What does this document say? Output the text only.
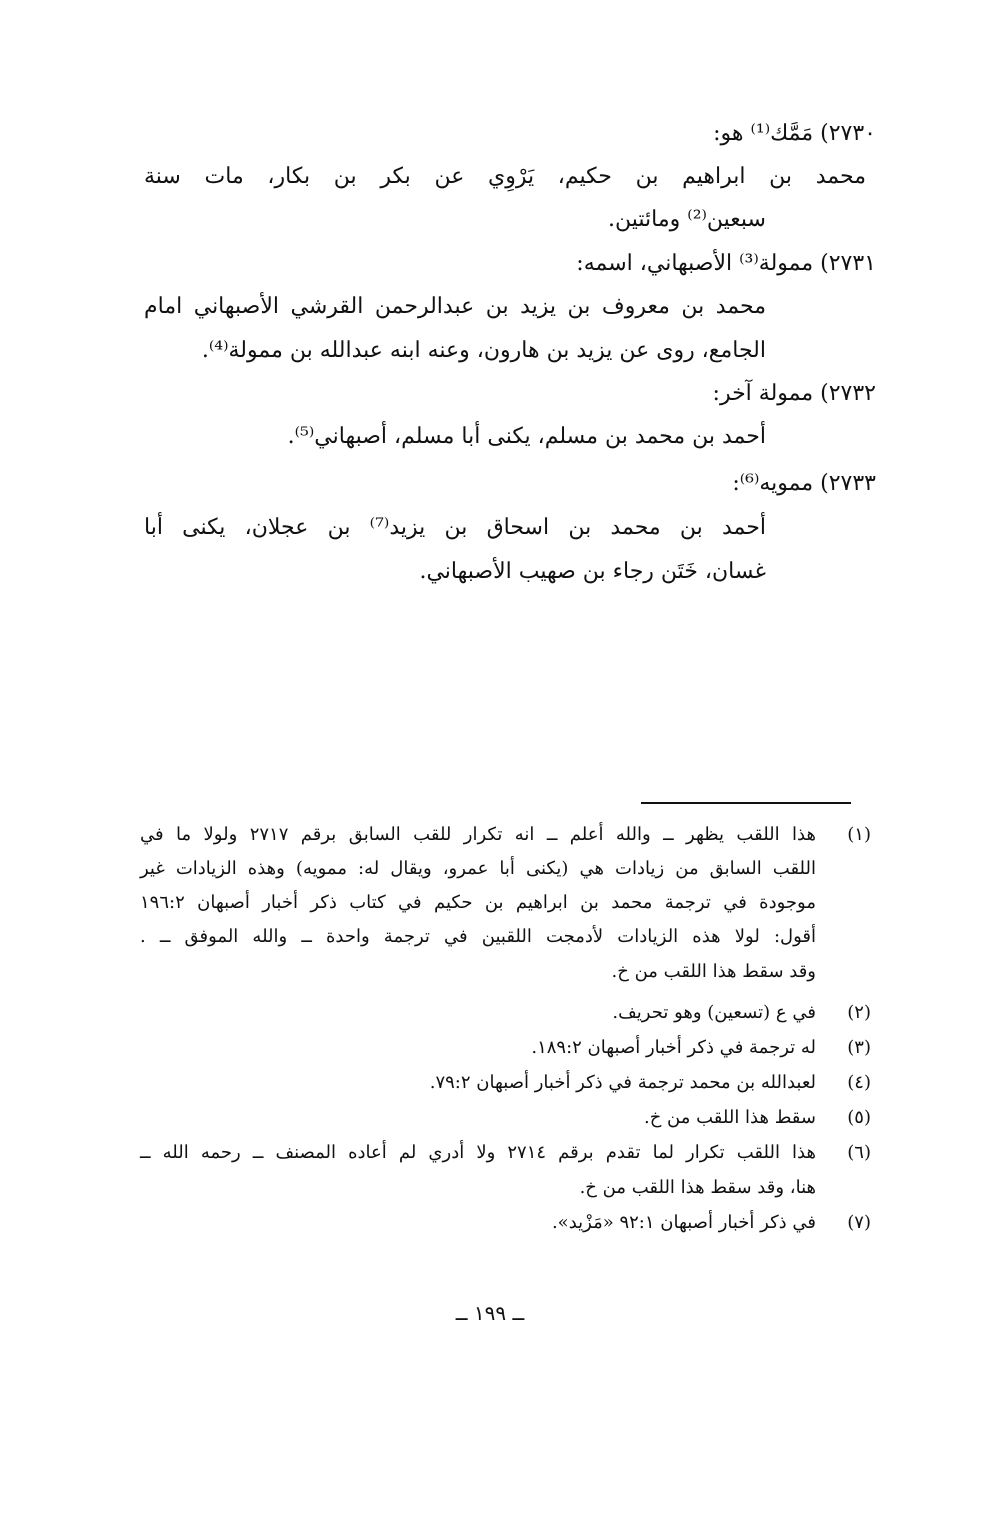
٢٧٣٠) مَمَّك⁽¹⁾ هو:
محمد بن ابراهيم بن حكيم، يَرْوِي عن بكر بن بكار، مات سنة
سبعين⁽²⁾ ومائتين.
٢٧٣١) ممولة⁽³⁾ الأصبهاني، اسمه:
محمد بن معروف بن يزيد بن عبدالرحمن القرشي الأصبهاني امام
الجامع، روى عن يزيد بن هارون، وعنه ابنه عبدالله بن ممولة⁽⁴⁾.
٢٧٣٢) ممولة آخر:
أحمد بن محمد بن مسلم، يكنى أبا مسلم، أصبهاني⁽⁵⁾.
٢٧٣٣) ممويه⁽⁶⁾:
أحمد بن محمد بن اسحاق بن يزيد⁽⁷⁾ بن عجلان، يكنى أبا
غسان، خَتَن رجاء بن صهيب الأصبهاني.
(١)
هذا اللقب يظهر ــ والله أعلم ــ انه تكرار للقب السابق برقم ٢٧١٧ ولولا ما في
اللقب السابق من زيادات هي (يكنى أبا عمرو، ويقال له: ممويه) وهذه الزيادات غير
موجودة في ترجمة محمد بن ابراهيم بن حكيم في كتاب ذكر أخبار أصبهان ١٩٦:٢
أقول: لولا هذه الزيادات لأدمجت اللقبين في ترجمة واحدة ــ والله الموفق ــ .
وقد سقط هذا اللقب من خ.
(٢)
في ع (تسعين) وهو تحريف.
(٣)
له ترجمة في ذكر أخبار أصبهان ١٨٩:٢.
(٤)
لعبدالله بن محمد ترجمة في ذكر أخبار أصبهان ٧٩:٢.
(٥)
سقط هذا اللقب من خ.
(٦)
هذا اللقب تكرار لما تقدم برقم ٢٧١٤ ولا أدري لم أعاده المصنف ــ رحمه الله ــ
هنا، وقد سقط هذا اللقب من خ.
(٧)
في ذكر أخبار أصبهان ٩٢:١ «مَزْيد».
ــ ١٩٩ ــ
